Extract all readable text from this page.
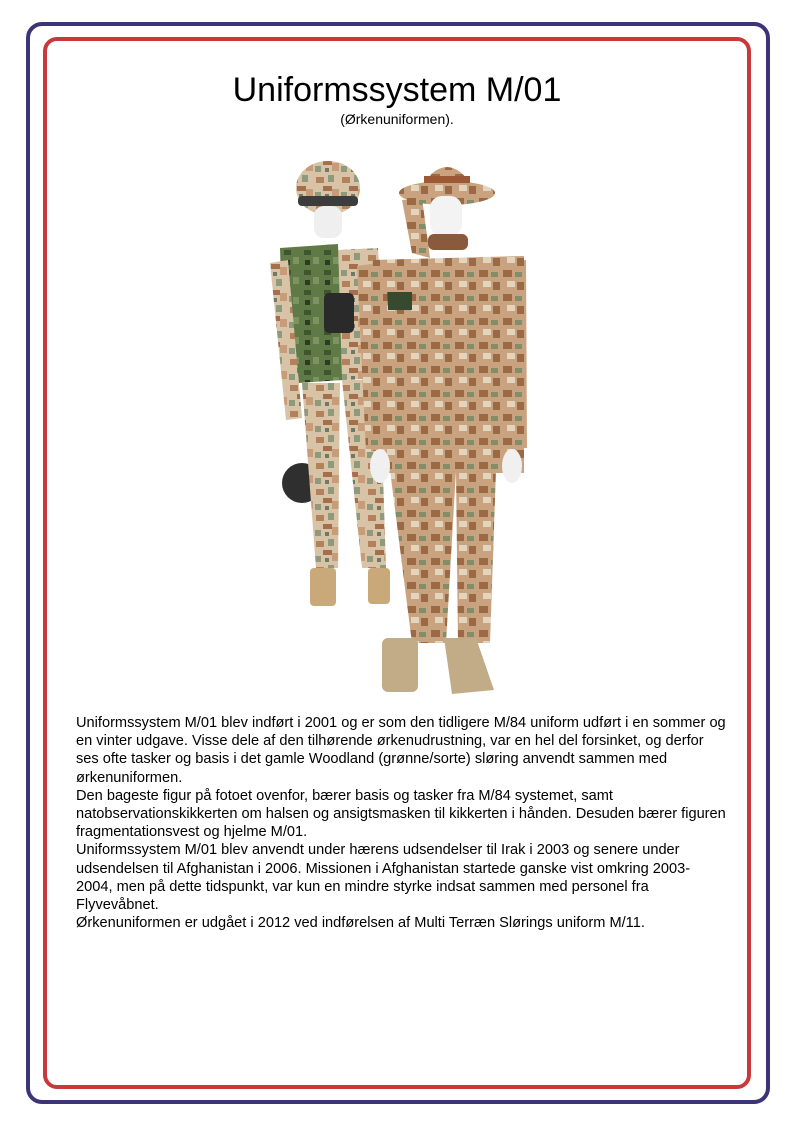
Uniformssystem M/01
(Ørkenuniformen).

Uniformssystem M/01 blev indført i 2001 og er som den tidligere M/84 uniform udført i en sommer og en vinter udgave. Visse dele af den tilhørende ørkenudrustning, var en hel del forsinket, og derfor ses ofte tasker og basis i det gamle Woodland (grønne/sorte) sløring anvendt sammen med ørkenuniformen.

Den bageste figur på fotoet ovenfor, bærer basis og tasker fra M/84 systemet, samt natobservationskikkerten om halsen og ansigtsmasken til kikkerten i hånden. Desuden bærer figuren fragmentationsvest og hjelme M/01.

Uniformssystem M/01 blev anvendt under hærens udsendelser til Irak i 2003 og senere under udsendelsen til Afghanistan i 2006. Missionen i Afghanistan startede ganske vist omkring 2003-2004, men på dette tidspunkt, var kun en mindre styrke indsat sammen med personel fra Flyvevåbnet.

Ørkenuniformen er udgået i 2012 ved indførelsen af Multi Terræn Slørings uniform M/11.
